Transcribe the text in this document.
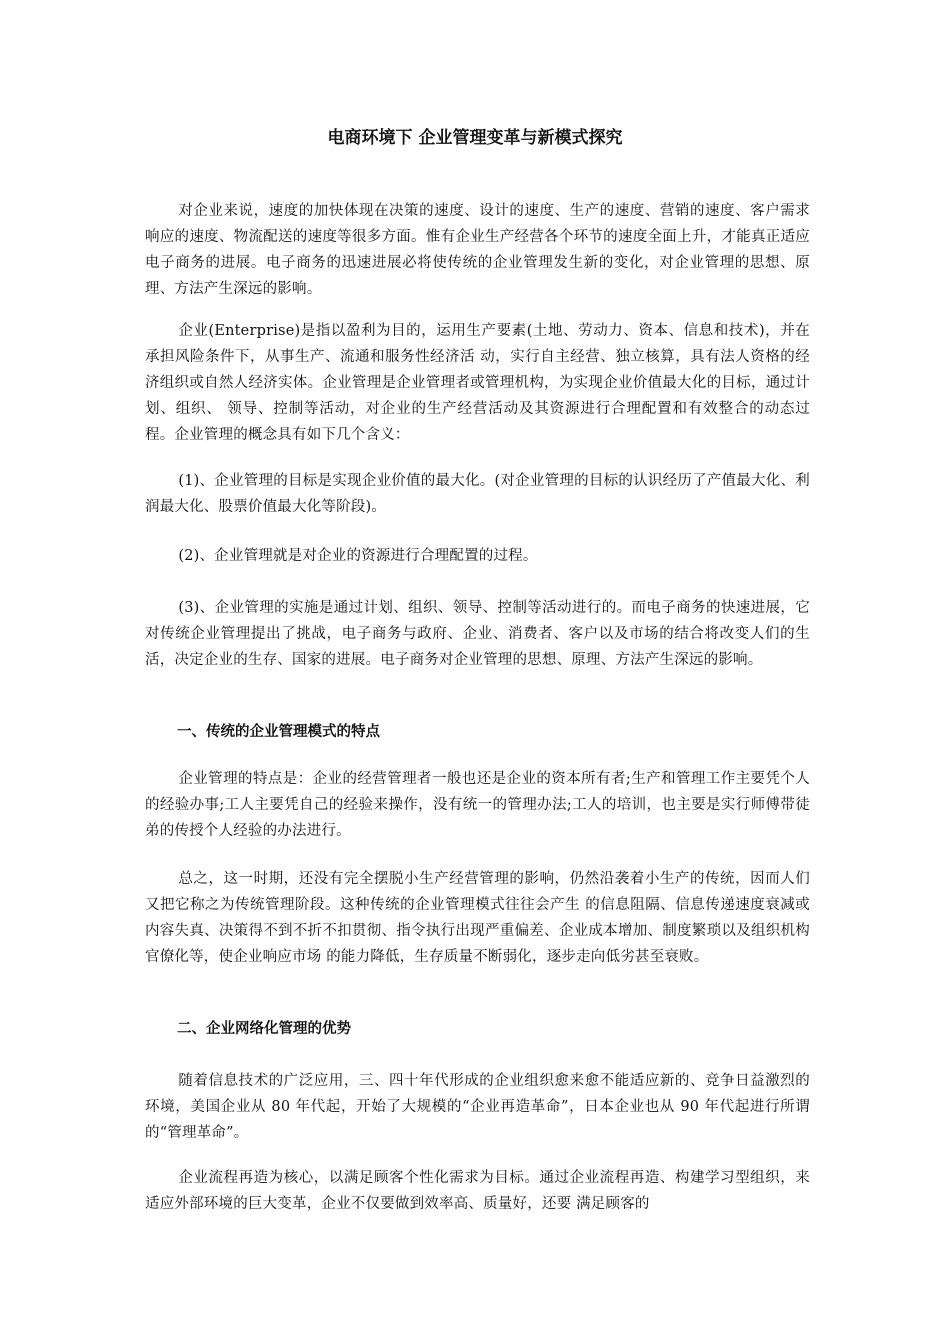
电商环境下 企业管理变革与新模式探究

对企业来说，速度的加快体现在决策的速度、设计的速度、生产的速度、营销的速度、客户需求响应的速度、物流配送的速度等很多方面。惟有企业生产经营各个环节的速度全面上升，才能真正适应电子商务的进展。电子商务的迅速进展必将使传统的企业管理发生新的变化，对企业管理的思想、原理、方法产生深远的影响。

企业(Enterprise)是指以盈利为目的，运用生产要素(土地、劳动力、资本、信息和技术)，并在承担风险条件下，从事生产、流通和服务性经济活 动，实行自主经营、独立核算，具有法人资格的经济组织或自然人经济实体。企业管理是企业管理者或管理机构，为实现企业价值最大化的目标，通过计划、组织、 领导、控制等活动，对企业的生产经营活动及其资源进行合理配置和有效整合的动态过程。企业管理的概念具有如下几个含义：

(1)、企业管理的目标是实现企业价值的最大化。(对企业管理的目标的认识经历了产值最大化、利润最大化、股票价值最大化等阶段)。

(2)、企业管理就是对企业的资源进行合理配置的过程。

(3)、企业管理的实施是通过计划、组织、领导、控制等活动进行的。而电子商务的快速进展，它对传统企业管理提出了挑战，电子商务与政府、企业、消费者、客户以及市场的结合将改变人们的生活，决定企业的生存、国家的进展。电子商务对企业管理的思想、原理、方法产生深远的影响。

一、传统的企业管理模式的特点

企业管理的特点是：企业的经营管理者一般也还是企业的资本所有者;生产和管理工作主要凭个人的经验办事;工人主要凭自己的经验来操作，没有统一的管理办法;工人的培训，也主要是实行师傅带徒弟的传授个人经验的办法进行。

总之，这一时期，还没有完全摆脱小生产经营管理的影响，仍然沿袭着小生产的传统，因而人们又把它称之为传统管理阶段。这种传统的企业管理模式往往会产生 的信息阻隔、信息传递速度衰减或内容失真、决策得不到不折不扣贯彻、指令执行出现严重偏差、企业成本增加、制度繁琐以及组织机构官僚化等，使企业响应市场 的能力降低，生存质量不断弱化，逐步走向低劣甚至衰败。

二、企业网络化管理的优势

随着信息技术的广泛应用，三、四十年代形成的企业组织愈来愈不能适应新的、竞争日益激烈的环境，美国企业从 80 年代起，开始了大规模的“企业再造革命”，日本企业也从 90 年代起进行所谓的“管理革命”。

企业流程再造为核心，以满足顾客个性化需求为目标。通过企业流程再造、构建学习型组织，来适应外部环境的巨大变革，企业不仅要做到效率高、质量好，还要 满足顾客的
